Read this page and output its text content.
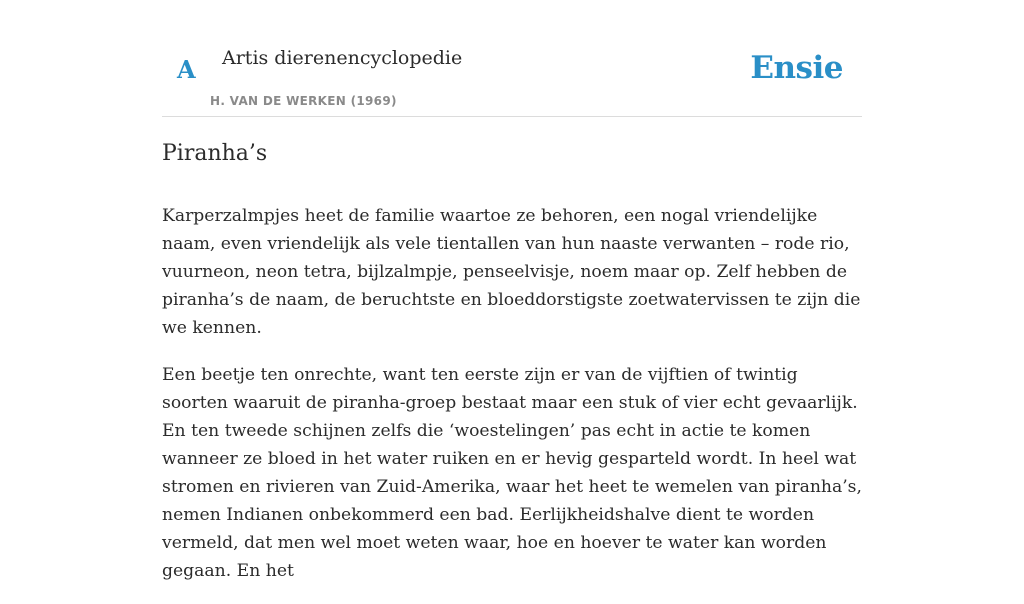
A Artis dierenencyclopedie
H. VAN DE WERKEN (1969)
Ensie
Piranha’s

Karperzalmpjes heet de familie waartoe ze behoren, een nogal vriendelijke naam, even vriendelijk als vele tientallen van hun naaste verwanten – rode rio, vuurneon, neon tetra, bijlzalmpje, penseelvisje, noem maar op. Zelf hebben de piranha’s de naam, de beruchtste en bloeddorstigste zoetwatervissen te zijn die we kennen.

Een beetje ten onrechte, want ten eerste zijn er van de vijftien of twintig soorten waaruit de piranha-groep bestaat maar een stuk of vier echt gevaarlijk. En ten tweede schijnen zelfs die ‘woestelingen’ pas echt in actie te komen wanneer ze bloed in het water ruiken en er hevig gesparteld wordt. In heel wat stromen en rivieren van Zuid-Amerika, waar het heet te wemelen van piranha’s, nemen Indianen onbekommerd een bad. Eerlijkheidshalve dient te worden vermeld, dat men wel moet weten waar, hoe en hoever te water kan worden gegaan. En het
